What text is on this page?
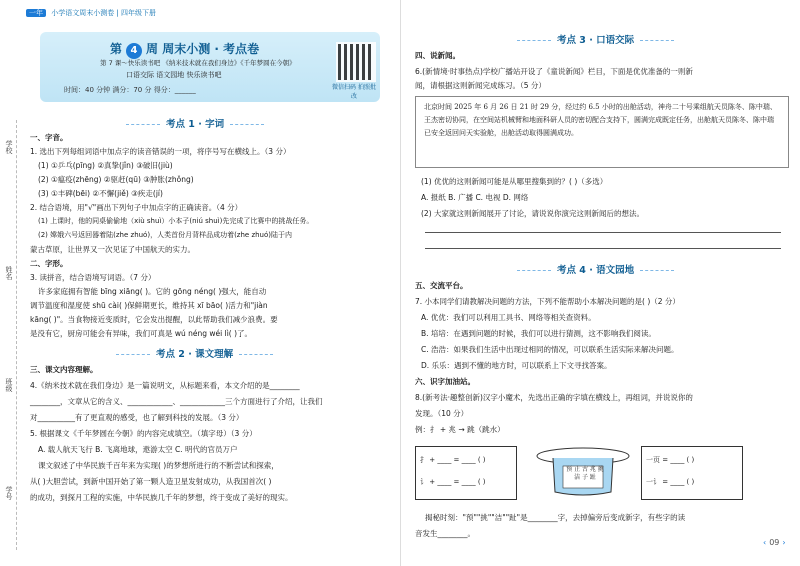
一年 小学语文周末小测卷 | 四年级下册
学校
姓名
班级
学号
第 4 周 周末小测 · 考点卷
第 7 课～快乐读书吧 《纳米技术就在我们身边》《千年梦圆在今朝》
口语交际 语文园地 快乐读书吧
时间：40 分钟 满分：70 分 得分：______	微信扫码 拍照批改
考点 1 · 字词
一、字音。
1. 选出下列每组词语中加点字的读音错误的一项，将序号写在横线上。（3 分）
(1) ①乒乓(pīng) ②真挚(jǐn) ③破旧(jiù)
(2) ①瘟疫(zhēng) ②驱赶(qū) ③肿胀(zhǒng)
(3) ①丰碑(bēi) ②不懈(jiě) ③疾走(jí)
2. 结合语境，用"√"画出下列句子中加点字的正确读音。（4 分）
(1) 上课时，他的同桌偷偷地（xiù shuì）小本子(niú shuì)先完成了比赛中的挑战任务。
(2) 嫦娥六号返回器着陆(zhe zhuó)，人类首份月背样品成功着(zhe zhuó)陆于内
蒙古草原，让世界又一次见证了中国航天的实力。
二、字形。
3. 读拼音，结合语境写词语。（7 分）
许多家庭拥有智能 bīng xiāng( )。它的 gōng néng( )强大，能自动
调节温度和湿度使 shū cài( )保鲜期更长，维持其 xī bāo( )活力和"jiàn
kāng( )"。当食物接近变质时，它会发出提醒，以此帮助我们减少浪费。要
是没有它，厨房可能会有异味，我们可真是 wú néng wéi lì( )了。
考点 2 · 课文理解
三、课文内容理解。
4.《纳米技术就在我们身边》是一篇说明文，从标题来看，本文介绍的是________
________，文章从它的含义、____________、____________三个方面进行了介绍，让我们
对__________有了更直观的感受，也了解到科技的发展。（3 分）
5. 根据课文《千年梦圆在今朝》的内容完成填空。（填字母）（3 分）
A. 载人航天飞行 B. 飞离地球，遨游太空 C. 明代的官员万户
课文叙述了中华民族千百年来为实现( )的梦想所进行的不断尝试和探索，
从( )大胆尝试，到新中国开始了第一颗人造卫星发射成功，从我国首次( )
的成功，到探月工程的实施，中华民族几千年的梦想，终于变成了美好的现实。
考点 3 · 口语交际
四、说新闻。
6.(新情境·时事热点)学校广播站开设了《童说新闻》栏目，下面是优优准备的一则新
闻，请根据这则新闻完成练习。（5 分）
北京时间 2025 年 6 月 26 日 21 时 29 分，经过约 6.5 小时的出舱活动，神舟二十号乘组航天员陈冬、陈中瑞、王杰密切协同，在空间站机械臂和地面科研人员的密切配合支持下，圆满完成既定任务，出舱航天员陈冬、陈中瑞已安全返回问天实验舱，出舱活动取得圆满成功。
(1) 优优的这则新闻可能是从哪里搜集到的？( )（多选）
A. 报纸 B. 广播 C. 电视 D. 网络
(2) 大家就这则新闻展开了讨论，请说说你演完这则新闻后的想法。
考点 4 · 语文园地
五、交流平台。
7. 小本同学们请教解决问题的方法，下列不能帮助小本解决问题的是( )（2 分）
A. 优优：我们可以利用工具书、网络等相关查资料。
B. 培培：在遇到问题的时候，我们可以进行猜测，这不影响我们阅读。
C. 浩浩：如果我们生活中出现过相同的情况，可以联系生活实际来解决问题。
D. 乐乐：遇到不懂的地方时，可以联系上下文寻找答案。
六、识字加油站。
8.(新考法·趣整创新)汉字小魔术，先选出正确的字填在横线上，再组词，并说说你的
发现。（10 分）
例：扌 + 兆 → 跳（跳水）
扌 + ____ = ____ ( )
讠 + ____ = ____ ( )
预 止 古 兆 挑 洁 子 趾
一页 = ____ ( )
一讠 = ____ ( )
揭秘时刻："预""挑""洁""趾"是________字，去掉偏旁后变成新字，有些字的读
音发生________。
‹ 09 ›
